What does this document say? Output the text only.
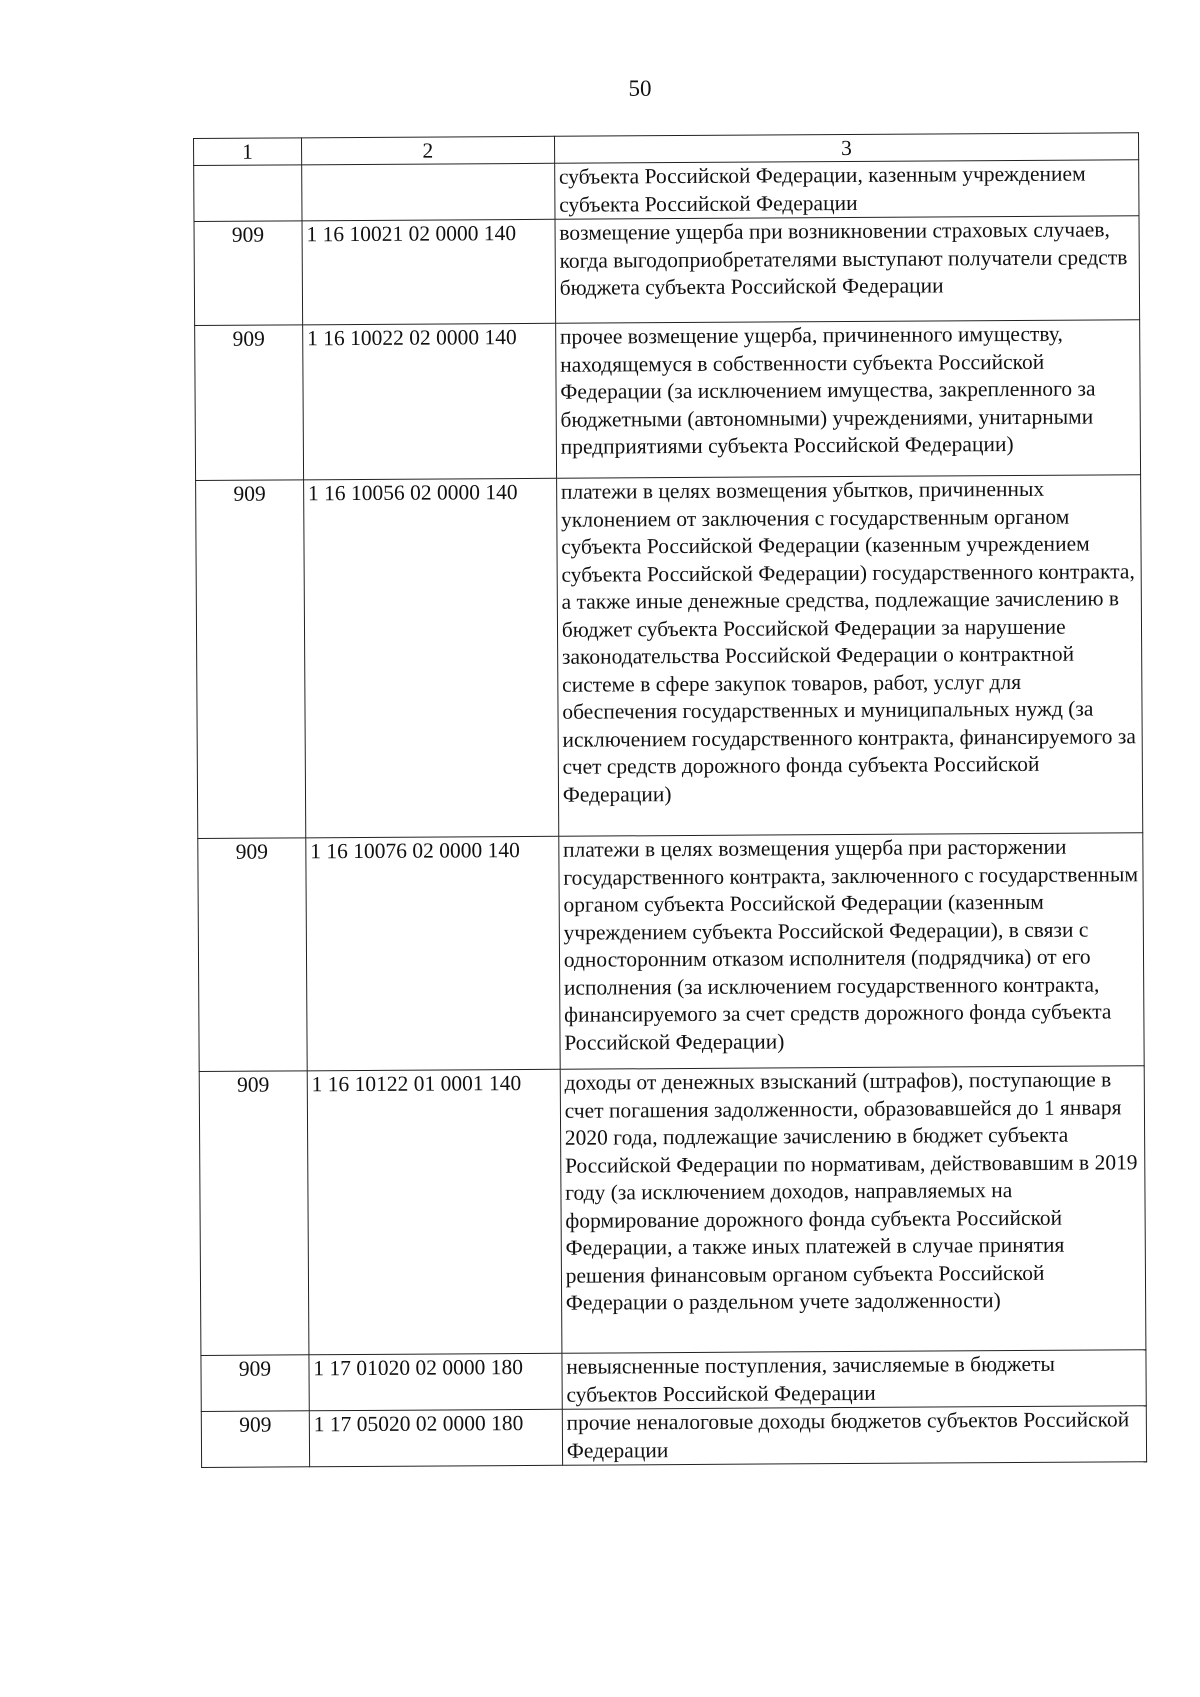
50
1	2	3
		субъекта Российской Федерации, казенным учреждением субъекта Российской Федерации
909	1 16 10021 02 0000 140	возмещение ущерба при возникновении страховых случаев, когда выгодоприобретателями выступают получатели средств бюджета субъекта Российской Федерации
909	1 16 10022 02 0000 140	прочее возмещение ущерба, причиненного имуществу, находящемуся в собственности субъекта Российской Федерации (за исключением имущества, закрепленного за бюджетными (автономными) учреждениями, унитарными предприятиями субъекта Российской Федерации)
909	1 16 10056 02 0000 140	платежи в целях возмещения убытков, причиненных уклонением от заключения с государственным органом субъекта Российской Федерации (казенным учреждением субъекта Российской Федерации) государственного контракта, а также иные денежные средства, подлежащие зачислению в бюджет субъекта Российской Федерации за нарушение законодательства Российской Федерации о контрактной системе в сфере закупок товаров, работ, услуг для обеспечения государственных и муниципальных нужд (за исключением государственного контракта, финансируемого за счет средств дорожного фонда субъекта Российской Федерации)
909	1 16 10076 02 0000 140	платежи в целях возмещения ущерба при расторжении государственного контракта, заключенного с государственным органом субъекта Российской Федерации (казенным учреждением субъекта Российской Федерации), в связи с односторонним отказом исполнителя (подрядчика) от его исполнения (за исключением государственного контракта, финансируемого за счет средств дорожного фонда субъекта Российской Федерации)
909	1 16 10122 01 0001 140	доходы от денежных взысканий (штрафов), поступающие в счет погашения задолженности, образовавшейся до 1 января 2020 года, подлежащие зачислению в бюджет субъекта Российской Федерации по нормативам, действовавшим в 2019 году (за исключением доходов, направляемых на формирование дорожного фонда субъекта Российской Федерации, а также иных платежей в случае принятия решения финансовым органом субъекта Российской Федерации о раздельном учете задолженности)
909	1 17 01020 02 0000 180	невыясненные поступления, зачисляемые в бюджеты субъектов Российской Федерации
909	1 17 05020 02 0000 180	прочие неналоговые доходы бюджетов субъектов Российской Федерации
